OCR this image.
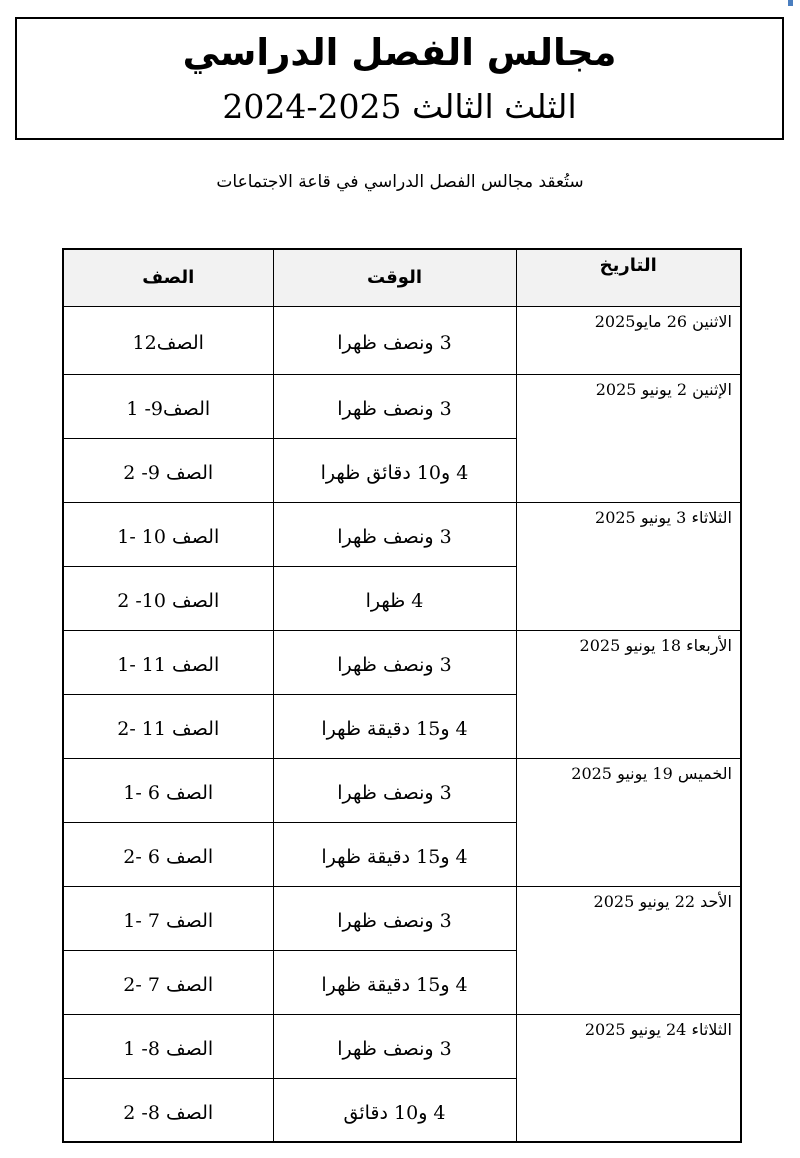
مجالس الفصل الدراسي
الثلث الثالث 2025-2024
ستُعقد مجالس الفصل الدراسي في قاعة الاجتماعات
التاريخ	الوقت	الصف
الاثنين 26 مايو2025	3 ونصف ظهرا	الصف12
الإثنين 2 يونيو 2025	3 ونصف ظهرا	الصف9- 1
	4 و10 دقائق ظهرا	الصف 9- 2
الثلاثاء 3 يونيو 2025	3 ونصف ظهرا	الصف 10 -1
	4 ظهرا	الصف 10- 2
الأربعاء 18 يونيو 2025	3 ونصف ظهرا	الصف 11 -1
	4 و15 دقيقة ظهرا	الصف 11 -2
الخميس 19 يونيو 2025	3 ونصف ظهرا	الصف 6 -1
	4 و15 دقيقة ظهرا	الصف 6 -2
الأحد 22 يونيو 2025	3 ونصف ظهرا	الصف 7 -1
	4 و15 دقيقة ظهرا	الصف 7 -2
الثلاثاء 24 يونيو 2025	3 ونصف ظهرا	الصف 8- 1
	4 و10 دقائق	الصف 8- 2
